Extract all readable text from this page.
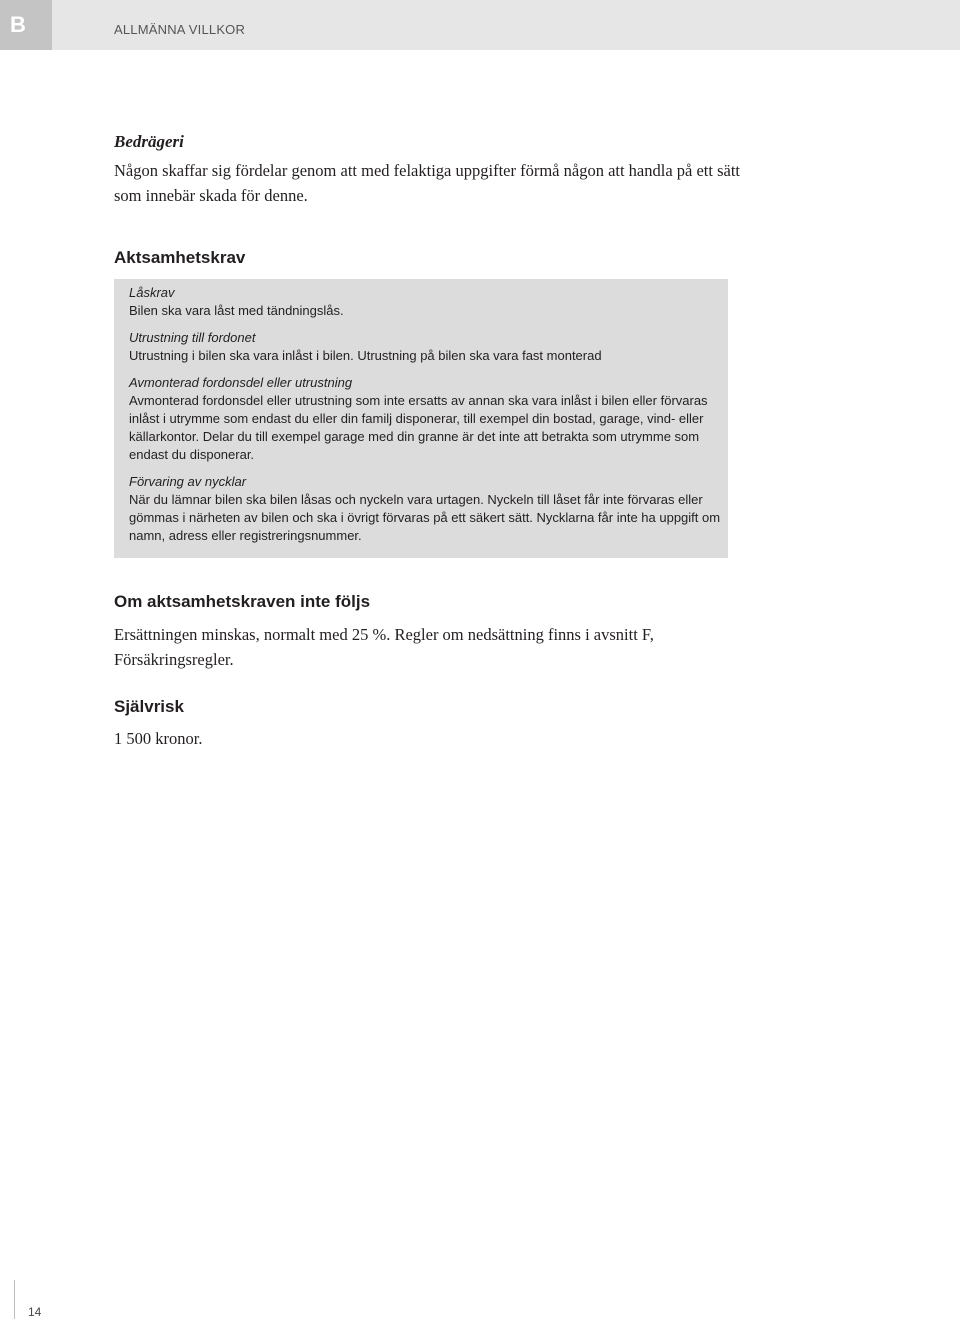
B	ALLMÄNNA VILLKOR
Bedrägeri

Någon skaffar sig fördelar genom att med felaktiga uppgifter förmå någon att handla på ett sätt som innebär skada för denne.

Aktsamhetskrav
Låskrav
Bilen ska vara låst med tändningslås.
Utrustning till fordonet
Utrustning i bilen ska vara inlåst i bilen. Utrustning på bilen ska vara fast monterad
Avmonterad fordonsdel eller utrustning
Avmonterad fordonsdel eller utrustning som inte ersatts av annan ska vara inlåst i bilen eller förvaras inlåst i utrymme som endast du eller din familj disponerar, till exempel din bostad, garage, vind- eller källarkontor. Delar du till exempel garage med din granne är det inte att betrakta som utrymme som endast du disponerar.
Förvaring av nycklar
När du lämnar bilen ska bilen låsas och nyckeln vara urtagen. Nyckeln till låset får inte förvaras eller gömmas i närheten av bilen och ska i övrigt förvaras på ett säkert sätt. Nycklarna får inte ha uppgift om namn, adress eller registreringsnummer.
Om aktsamhetskraven inte följs

Ersättningen minskas, normalt med 25 %. Regler om nedsättning finns i avsnitt F, Försäkringsregler.

Självrisk

1 500 kronor.

14
